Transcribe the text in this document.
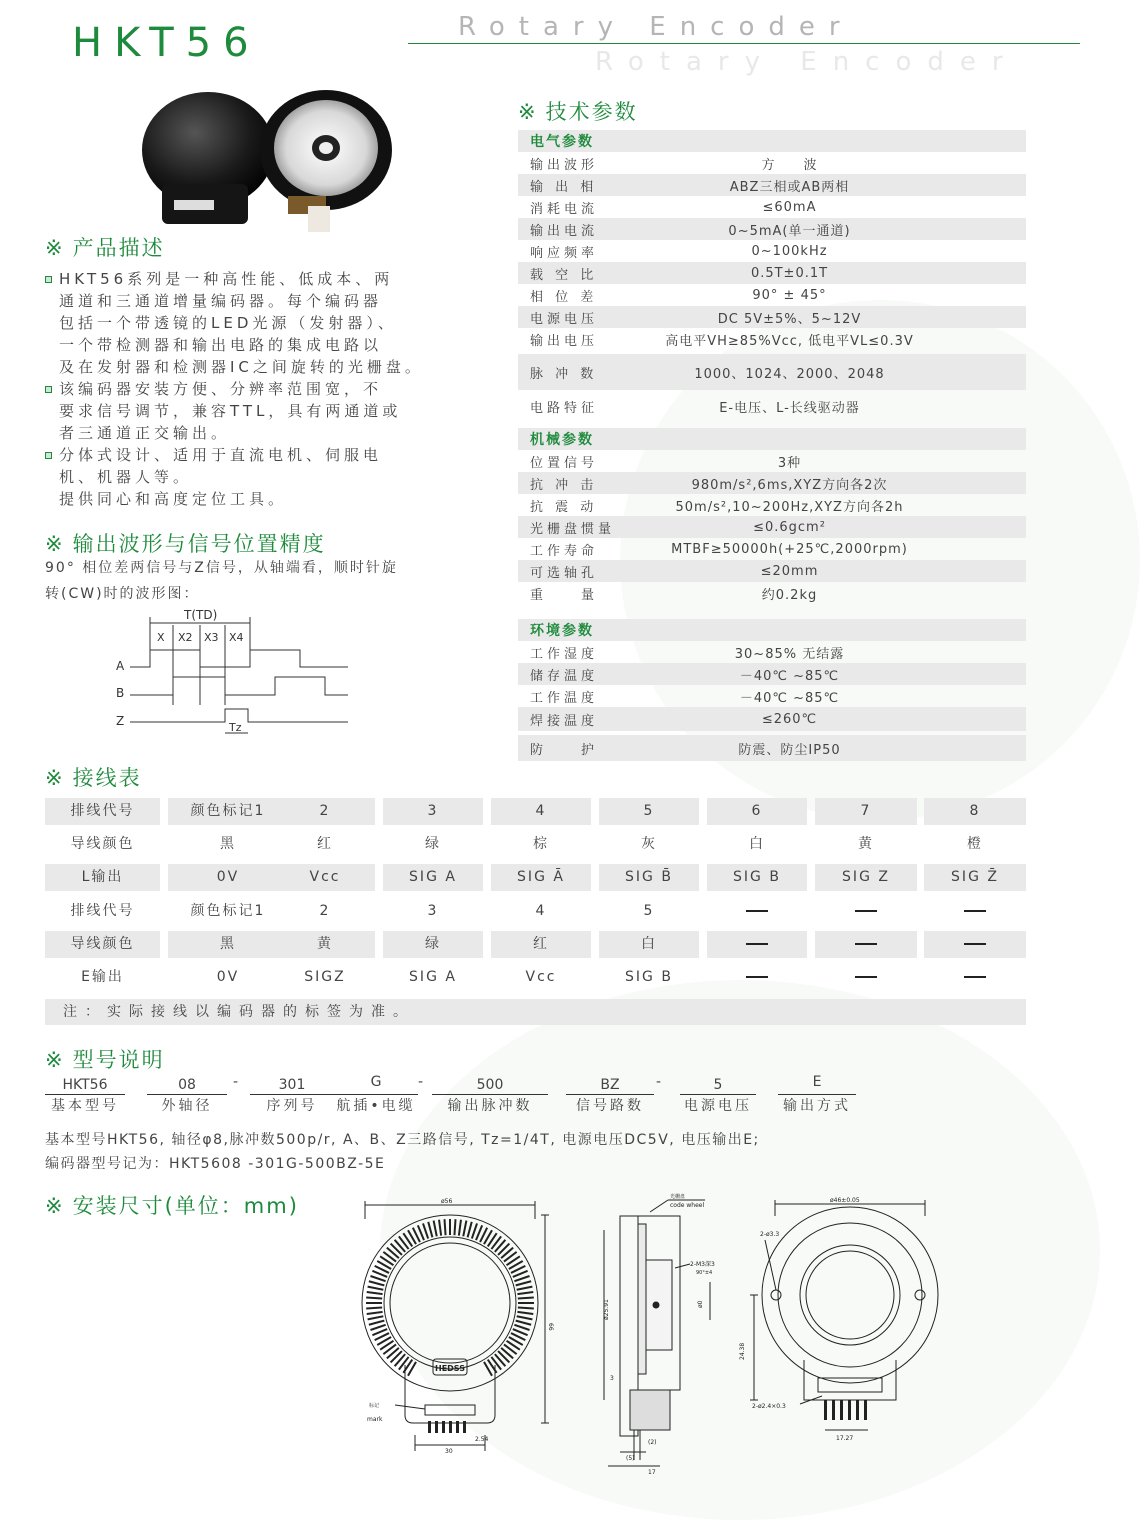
HKT56	Rotary Encoder
Rotary Encoder
※ 产品描述
HKT56系列是一种高性能、低成本、两
通道和三通道增量编码器。每个编码器
包括一个带透镜的LED光源（发射器）、
一个带检测器和输出电路的集成电路以
及在发射器和检测器IC之间旋转的光栅盘。
该编码器安装方便、分辨率范围宽，不
要求信号调节，兼容TTL，具有两通道或
者三通道正交输出。
分体式设计、适用于直流电机、伺服电
机、机器人等。
提供同心和高度定位工具。
※ 输出波形与信号位置精度
90° 相位差两信号与Z信号，从轴端看，顺时针旋
转(CW)时的波形图：
T(TD)
X X2 X3 X4
A
B
Z	Tz
※ 技术参数
电气参数
输出波形	方　　波
输 出 相	ABZ三相或AB两相
消耗电流	≤60mA
输出电流	0~5mA(单一通道)
响应频率	0~100kHz
载 空 比	0.5T±0.1T
相 位 差	90° ± 45°
电源电压	DC 5V±5%、5~12V
输出电压	高电平VH≥85%Vcc, 低电平VL≤0.3V
脉 冲 数	1000、1024、2000、2048
电路特征	E-电压、L-长线驱动器
机械参数
位置信号	3种
抗 冲 击	980m/s²,6ms,XYZ方向各2次
抗 震 动	50m/s²,10~200Hz,XYZ方向各2h
光栅盘惯量	≤0.6gcm²
工作寿命	MTBF≥50000h(+25℃,2000rpm)
可选轴孔	≤20mm
重　　量	约0.2kg
环境参数
工作湿度	30~85% 无结露
储存温度	－40℃ ~85℃
工作温度	－40℃ ~85℃
焊接温度	≤260℃
防　　护	防震、防尘IP50
※ 接线表
排线代号	颜色标记1	2	3	4	5	6	7	8
导线颜色	黑	红	绿	棕	灰	白	黄	橙
L输出	0V	Vcc	SIG A	SIG Ā	SIG B̄	SIG B	SIG Z	SIG Z̄
排线代号	颜色标记1	2	3	4	5
导线颜色	黑	黄	绿	红	白
E输出	0V	SIGZ	SIG A	Vcc	SIG B
注：实际接线以编码器的标签为准。
※ 型号说明
HKT56
基本型号
08
外轴径
-	301
序列号
G
航插•电缆
-	500
输出脉冲数
BZ
信号路数
-	5
电源电压
E
输出方式
基本型号HKT56, 轴径φ8,脉冲数500p/r, A、B、Z三路信号, Tz=1/4T, 电源电压DC5V, 电压输出E;
编码器型号记为：HKT5608 -301G-500BZ-5E
※ 安装尺寸(单位：mm)	ø56
66
HEDSS
标记
mark
30
2.54
光栅盘
code wheel
2-M3深3
90°±4
ø25.91	ø0
3
(2)
(5)
17
ø46±0.05
2-ø3.3
24.38
2-ø2.4×0.3
17.27
